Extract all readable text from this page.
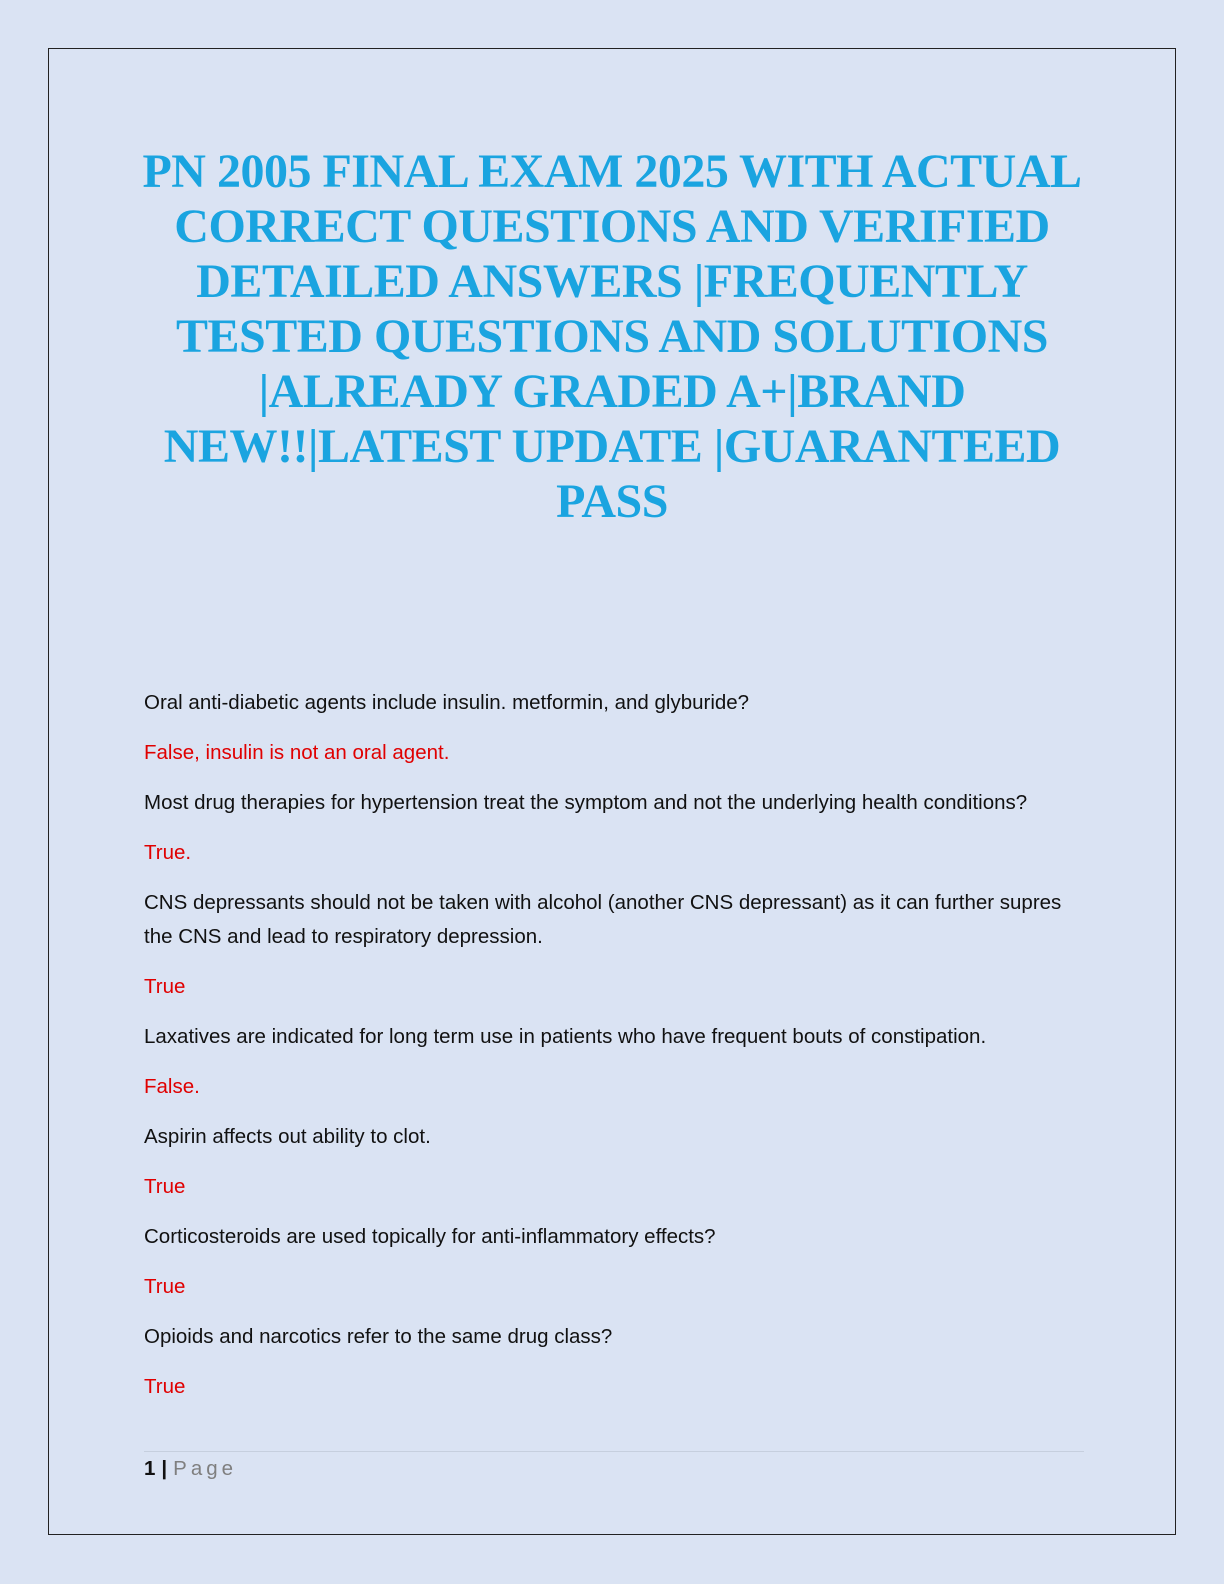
PN 2005 FINAL EXAM 2025 WITH ACTUAL CORRECT QUESTIONS AND VERIFIED DETAILED ANSWERS |FREQUENTLY TESTED QUESTIONS AND SOLUTIONS |ALREADY GRADED A+|BRAND NEW!!|LATEST UPDATE |GUARANTEED PASS

Oral anti-diabetic agents include insulin. metformin, and glyburide?

False, insulin is not an oral agent.

Most drug therapies for hypertension treat the symptom and not the underlying health conditions?

True.

CNS depressants should not be taken with alcohol (another CNS depressant) as it can further supres the CNS and lead to respiratory depression.

True

Laxatives are indicated for long term use in patients who have frequent bouts of constipation.

False.

Aspirin affects out ability to clot.

True

Corticosteroids are used topically for anti-inflammatory effects?

True

Opioids and narcotics refer to the same drug class?

True

1 | Page
